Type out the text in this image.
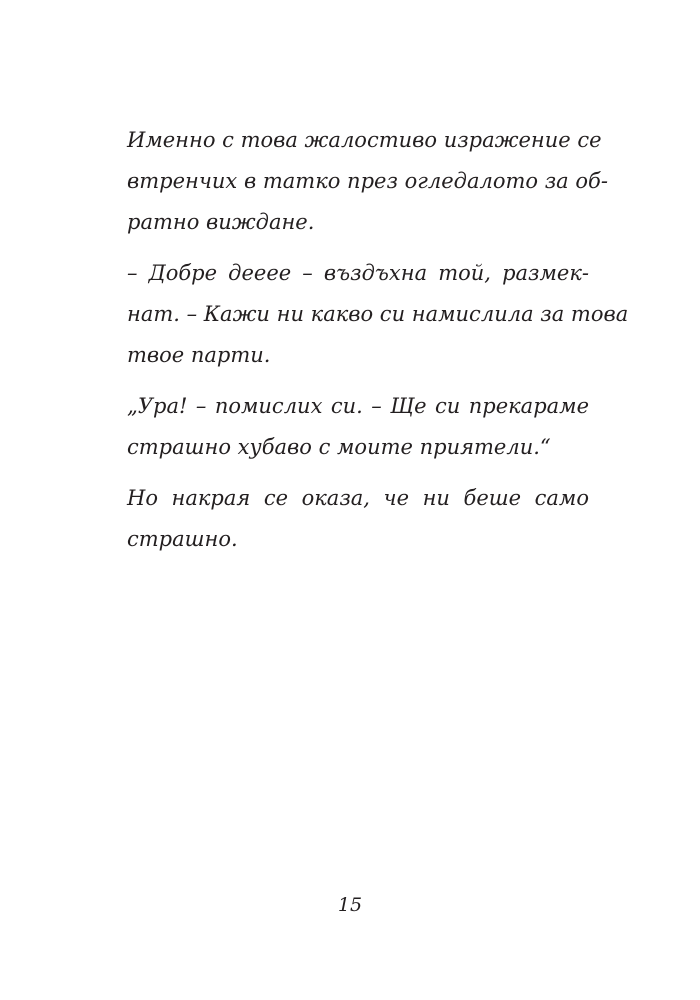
Именно с това жалостиво изражение се
втренчих в татко през огледалото за об-
ратно виждане.
– Добре дееее – въздъхна той, размек-
нат. – Кажи ни какво си намислила за това
твое парти.
„Ура! – помислих си. – Ще си прекараме
страшно хубаво с моите приятели.“
Но накрая се оказа, че ни беше само
страшно.
15
